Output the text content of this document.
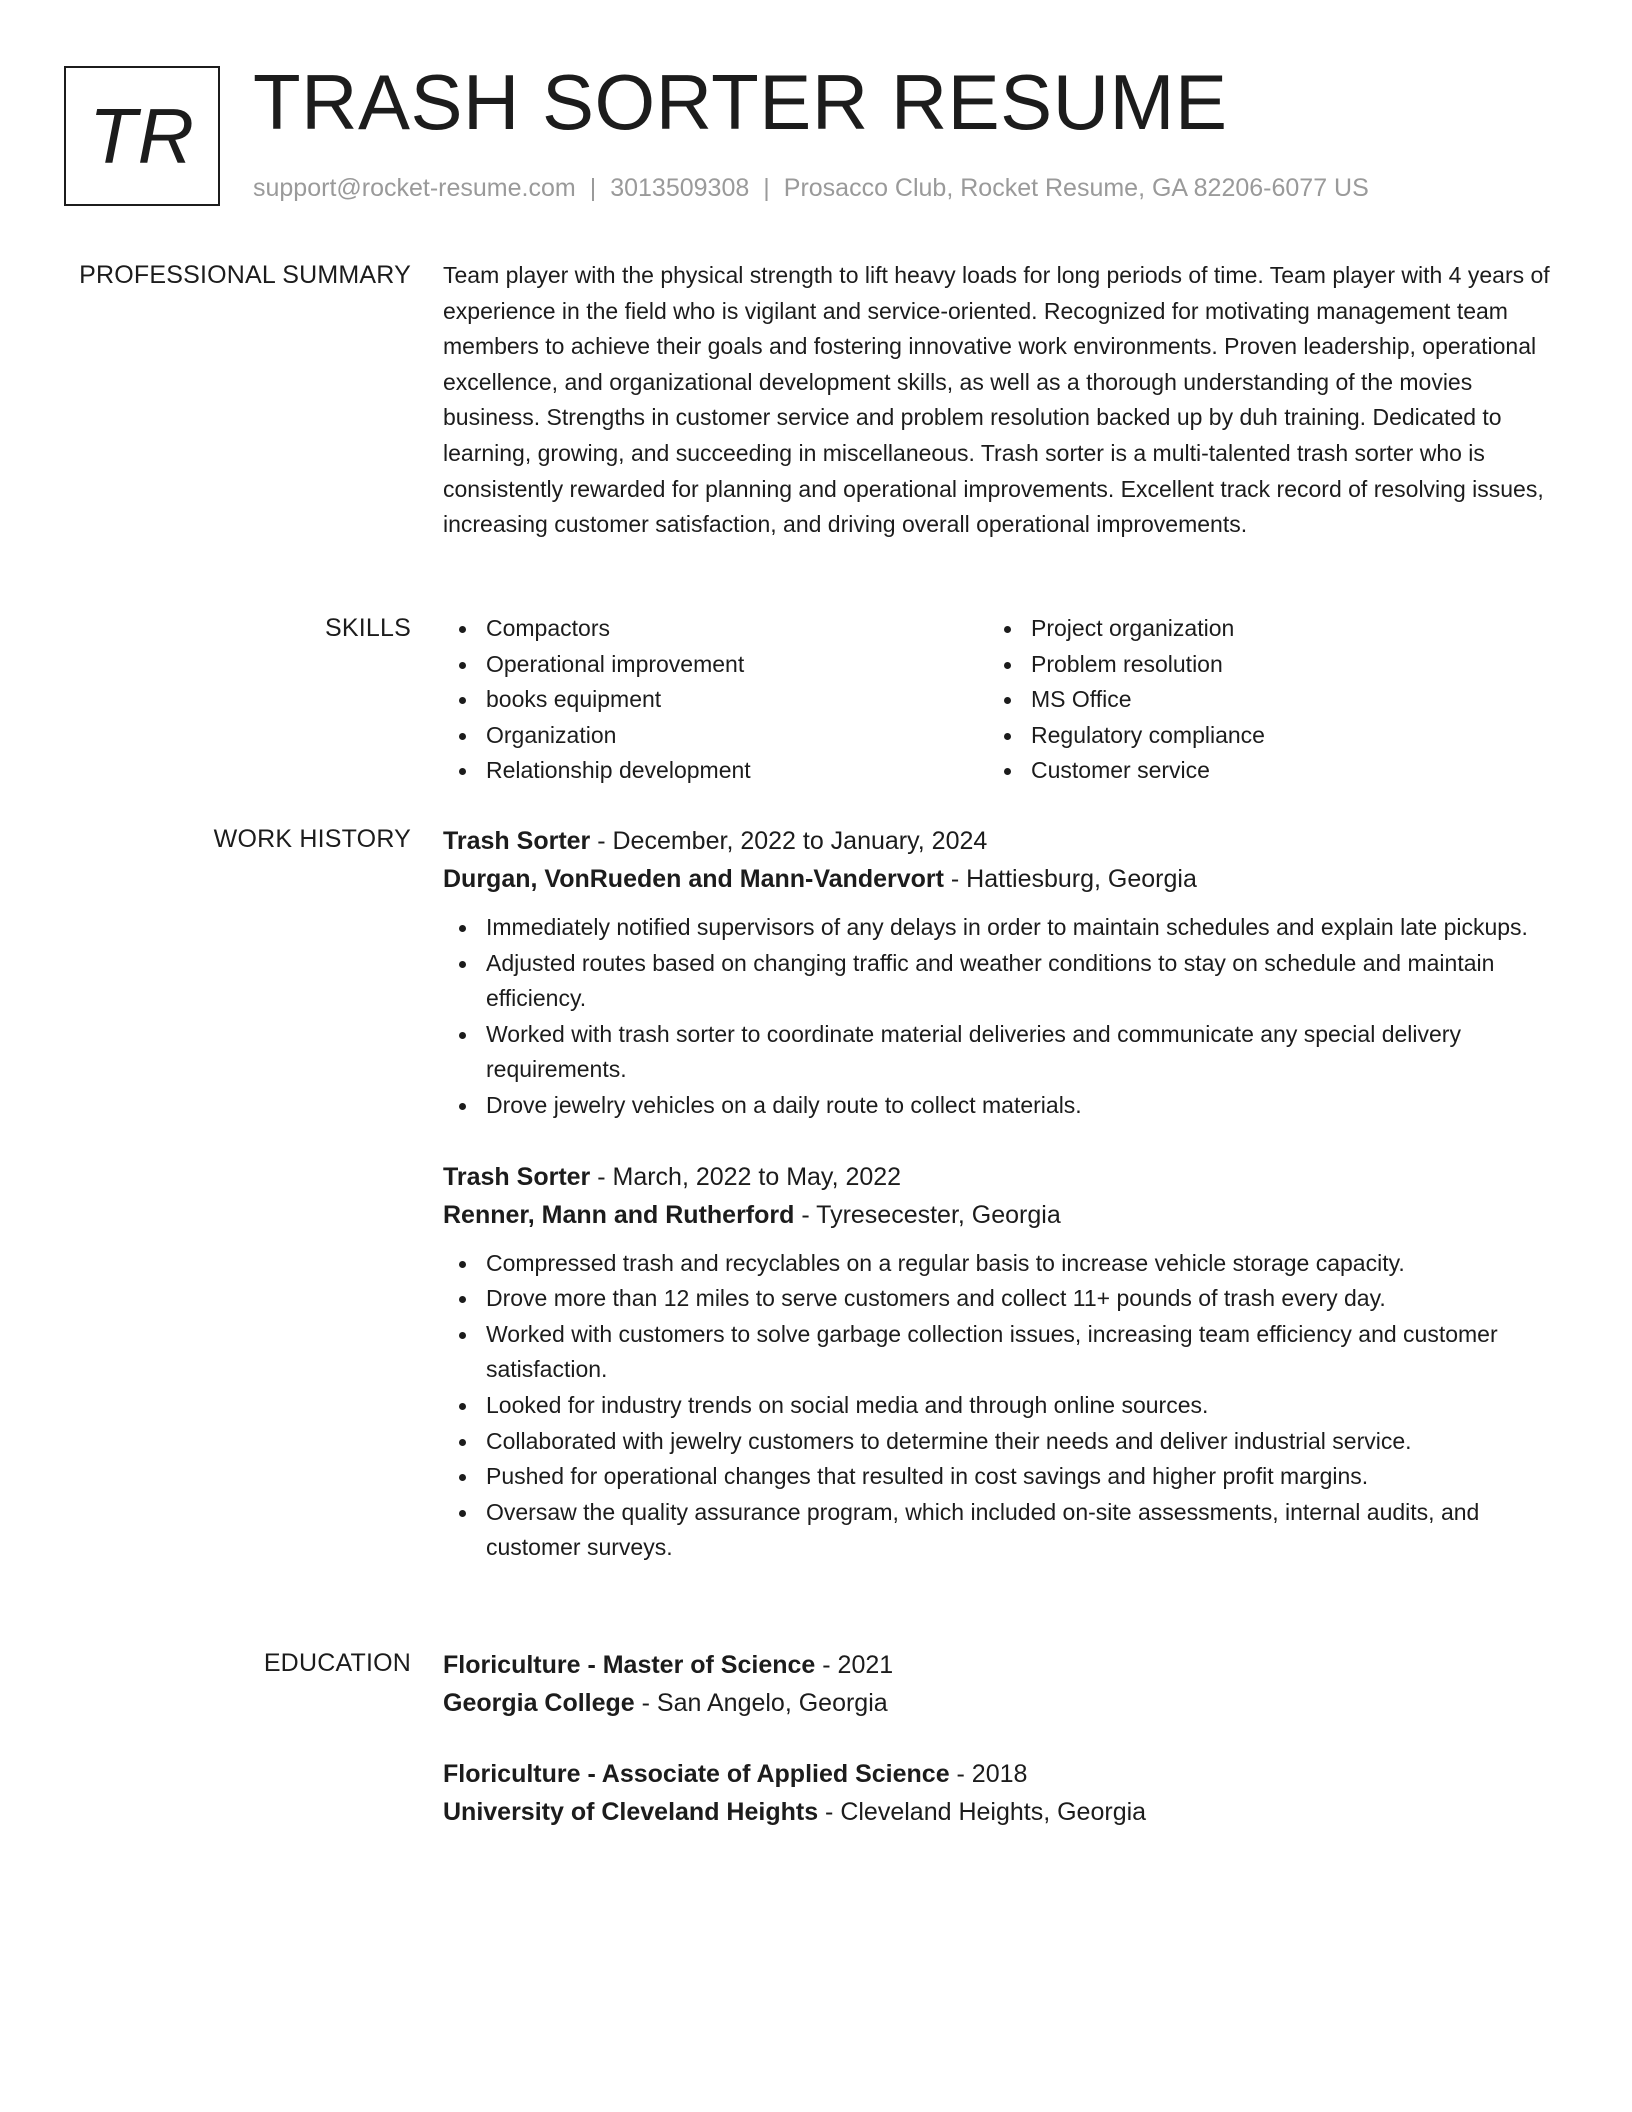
TR TRASH SORTER RESUME
support@rocket-resume.com | 3013509308 | Prosacco Club, Rocket Resume, GA 82206-6077 US
PROFESSIONAL SUMMARY Team player with the physical strength to lift heavy loads for long periods of time. Team player with 4 years of experience in the field who is vigilant and service-oriented. Recognized for motivating management team members to achieve their goals and fostering innovative work environments. Proven leadership, operational excellence, and organizational development skills, as well as a thorough understanding of the movies business. Strengths in customer service and problem resolution backed up by duh training. Dedicated to learning, growing, and succeeding in miscellaneous. Trash sorter is a multi-talented trash sorter who is consistently rewarded for planning and operational improvements. Excellent track record of resolving issues, increasing customer satisfaction, and driving overall operational improvements.

SKILLS	Compactors
Operational improvement
books equipment
Organization
Relationship development
Project organization
Problem resolution
MS Office
Regulatory compliance
Customer service
WORK HISTORY Trash Sorter - December, 2022 to January, 2024
Durgan, VonRueden and Mann-Vandervort - Hattiesburg, Georgia
Immediately notified supervisors of any delays in order to maintain schedules and explain late pickups.
Adjusted routes based on changing traffic and weather conditions to stay on schedule and maintain efficiency.
Worked with trash sorter to coordinate material deliveries and communicate any special delivery requirements.
Drove jewelry vehicles on a daily route to collect materials.
Trash Sorter - March, 2022 to May, 2022
Renner, Mann and Rutherford - Tyresecester, Georgia
Compressed trash and recyclables on a regular basis to increase vehicle storage capacity.
Drove more than 12 miles to serve customers and collect 11+ pounds of trash every day.
Worked with customers to solve garbage collection issues, increasing team efficiency and customer satisfaction.
Looked for industry trends on social media and through online sources.
Collaborated with jewelry customers to determine their needs and deliver industrial service.
Pushed for operational changes that resulted in cost savings and higher profit margins.
Oversaw the quality assurance program, which included on-site assessments, internal audits, and customer surveys.
EDUCATION Floriculture - Master of Science - 2021
Georgia College - San Angelo, Georgia
Floriculture - Associate of Applied Science - 2018
University of Cleveland Heights - Cleveland Heights, Georgia
